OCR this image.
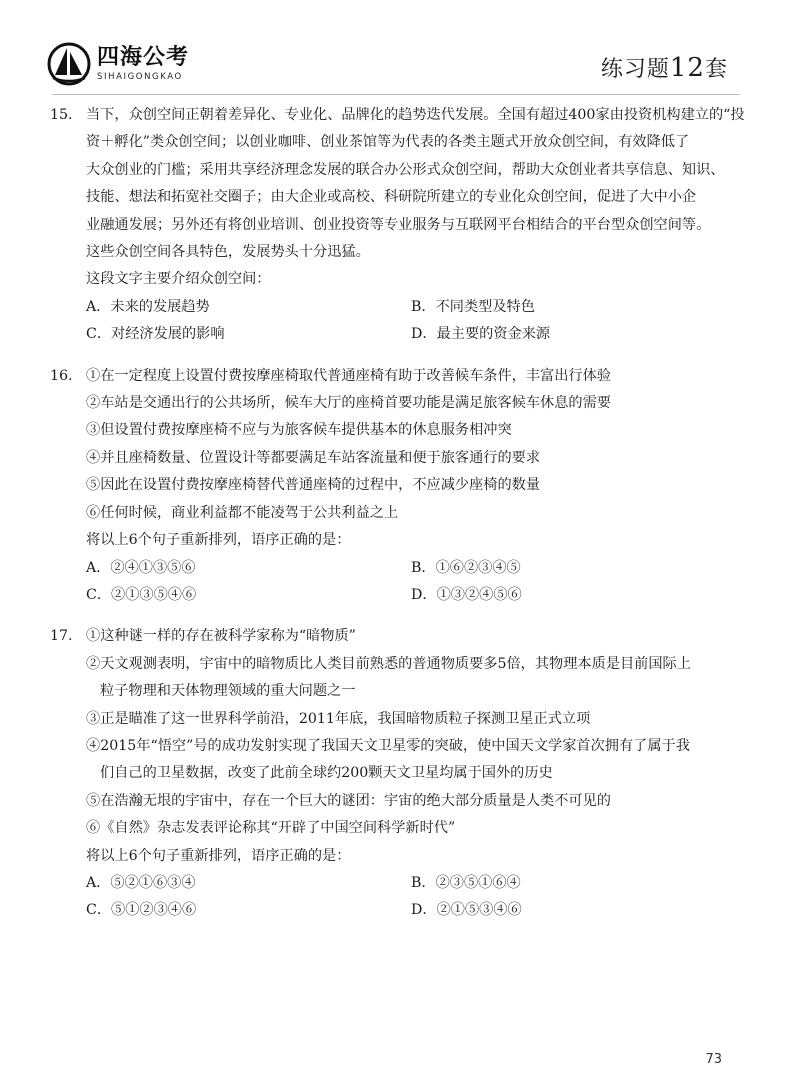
四海公考
SIHAIGONGKAO	练习题12套
15. 当下，众创空间正朝着差异化、专业化、品牌化的趋势迭代发展。全国有超过400家由投资机构建立的“投

资＋孵化”类众创空间；以创业咖啡、创业茶馆等为代表的各类主题式开放众创空间，有效降低了

大众创业的门槛；采用共享经济理念发展的联合办公形式众创空间，帮助大众创业者共享信息、知识、

技能、想法和拓宽社交圈子；由大企业或高校、科研院所建立的专业化众创空间，促进了大中小企

业融通发展；另外还有将创业培训、创业投资等专业服务与互联网平台相结合的平台型众创空间等。

这些众创空间各具特色，发展势头十分迅猛。

这段文字主要介绍众创空间：

A．未来的发展趋势	B．不同类型及特色
C．对经济发展的影响	D．最主要的资金来源
16. ①在一定程度上设置付费按摩座椅取代普通座椅有助于改善候车条件，丰富出行体验

②车站是交通出行的公共场所，候车大厅的座椅首要功能是满足旅客候车休息的需要

③但设置付费按摩座椅不应与为旅客候车提供基本的休息服务相冲突

④并且座椅数量、位置设计等都要满足车站客流量和便于旅客通行的要求

⑤因此在设置付费按摩座椅替代普通座椅的过程中，不应减少座椅的数量

⑥任何时候，商业利益都不能凌驾于公共利益之上

将以上6个句子重新排列，语序正确的是：

A．②④①③⑤⑥	B．①⑥②③④⑤
C．②①③⑤④⑥	D．①③②④⑤⑥
17. ①这种谜一样的存在被科学家称为“暗物质”

②天文观测表明，宇宙中的暗物质比人类目前熟悉的普通物质要多5倍，其物理本质是目前国际上

粒子物理和天体物理领域的重大问题之一

③正是瞄准了这一世界科学前沿，2011年底，我国暗物质粒子探测卫星正式立项

④2015年“悟空”号的成功发射实现了我国天文卫星零的突破，使中国天文学家首次拥有了属于我

们自己的卫星数据，改变了此前全球约200颗天文卫星均属于国外的历史

⑤在浩瀚无垠的宇宙中，存在一个巨大的谜团：宇宙的绝大部分质量是人类不可见的

⑥《自然》杂志发表评论称其“开辟了中国空间科学新时代”

将以上6个句子重新排列，语序正确的是：

A．⑤②①⑥③④	B．②③⑤①⑥④
C．⑤①②③④⑥	D．②①⑤③④⑥
73
